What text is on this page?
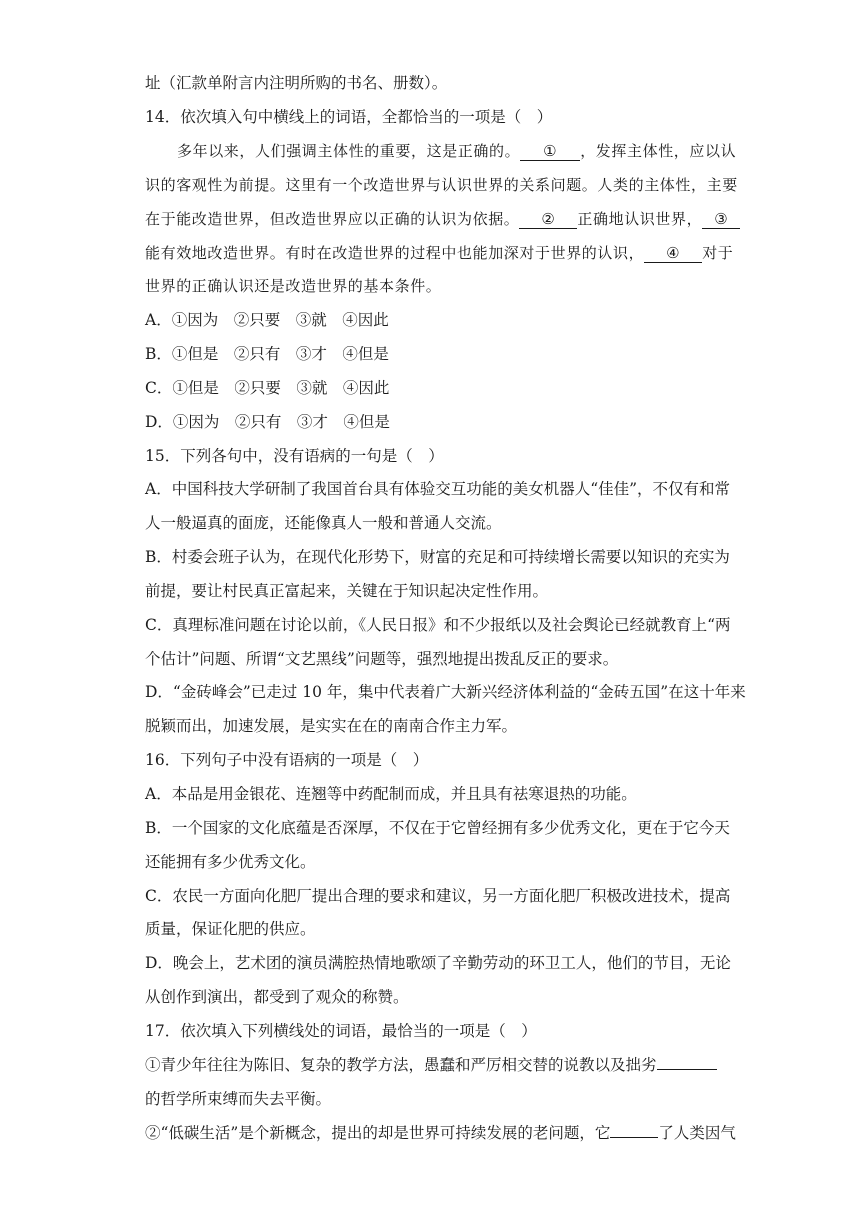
址（汇款单附言内注明所购的书名、册数）。
14．依次填入句中横线上的词语，全都恰当的一项是（　）
多年以来，人们强调主体性的重要，这是正确的。 ① ，发挥主体性，应以认
识的客观性为前提。这里有一个改造世界与认识世界的关系问题。人类的主体性，主要
在于能改造世界，但改造世界应以正确的认识为依据。 ② 正确地认识世界， ③
能有效地改造世界。有时在改造世界的过程中也能加深对于世界的认识， ④ 对于
世界的正确认识还是改造世界的基本条件。
A．①因为　②只要　③就　④因此
B．①但是　②只有　③才　④但是
C．①但是　②只要　③就　④因此
D．①因为　②只有　③才　④但是
15．下列各句中，没有语病的一句是（　）
A．中国科技大学研制了我国首台具有体验交互功能的美女机器人“佳佳”，不仅有和常
人一般逼真的面庞，还能像真人一般和普通人交流。
B．村委会班子认为，在现代化形势下，财富的充足和可持续增长需要以知识的充实为
前提，要让村民真正富起来，关键在于知识起决定性作用。
C．真理标准问题在讨论以前，《人民日报》和不少报纸以及社会舆论已经就教育上“两
个估计”问题、所谓“文艺黑线”问题等，强烈地提出拨乱反正的要求。
D．“金砖峰会”已走过 10 年，集中代表着广大新兴经济体利益的“金砖五国”在这十年来
脱颖而出，加速发展，是实实在在的南南合作主力军。
16．下列句子中没有语病的一项是（　）
A．本品是用金银花、连翘等中药配制而成，并且具有祛寒退热的功能。
B．一个国家的文化底蕴是否深厚，不仅在于它曾经拥有多少优秀文化，更在于它今天
还能拥有多少优秀文化。
C．农民一方面向化肥厂提出合理的要求和建议，另一方面化肥厂积极改进技术，提高
质量，保证化肥的供应。
D．晚会上，艺术团的演员满腔热情地歌颂了辛勤劳动的环卫工人，他们的节目，无论
从创作到演出，都受到了观众的称赞。
17．依次填入下列横线处的词语，最恰当的一项是（　）
①青少年往往为陈旧、复杂的教学方法，愚蠢和严厉相交替的说教以及拙劣
的哲学所束缚而失去平衡。
②“低碳生活”是个新概念，提出的却是世界可持续发展的老问题，它	了人类因气
